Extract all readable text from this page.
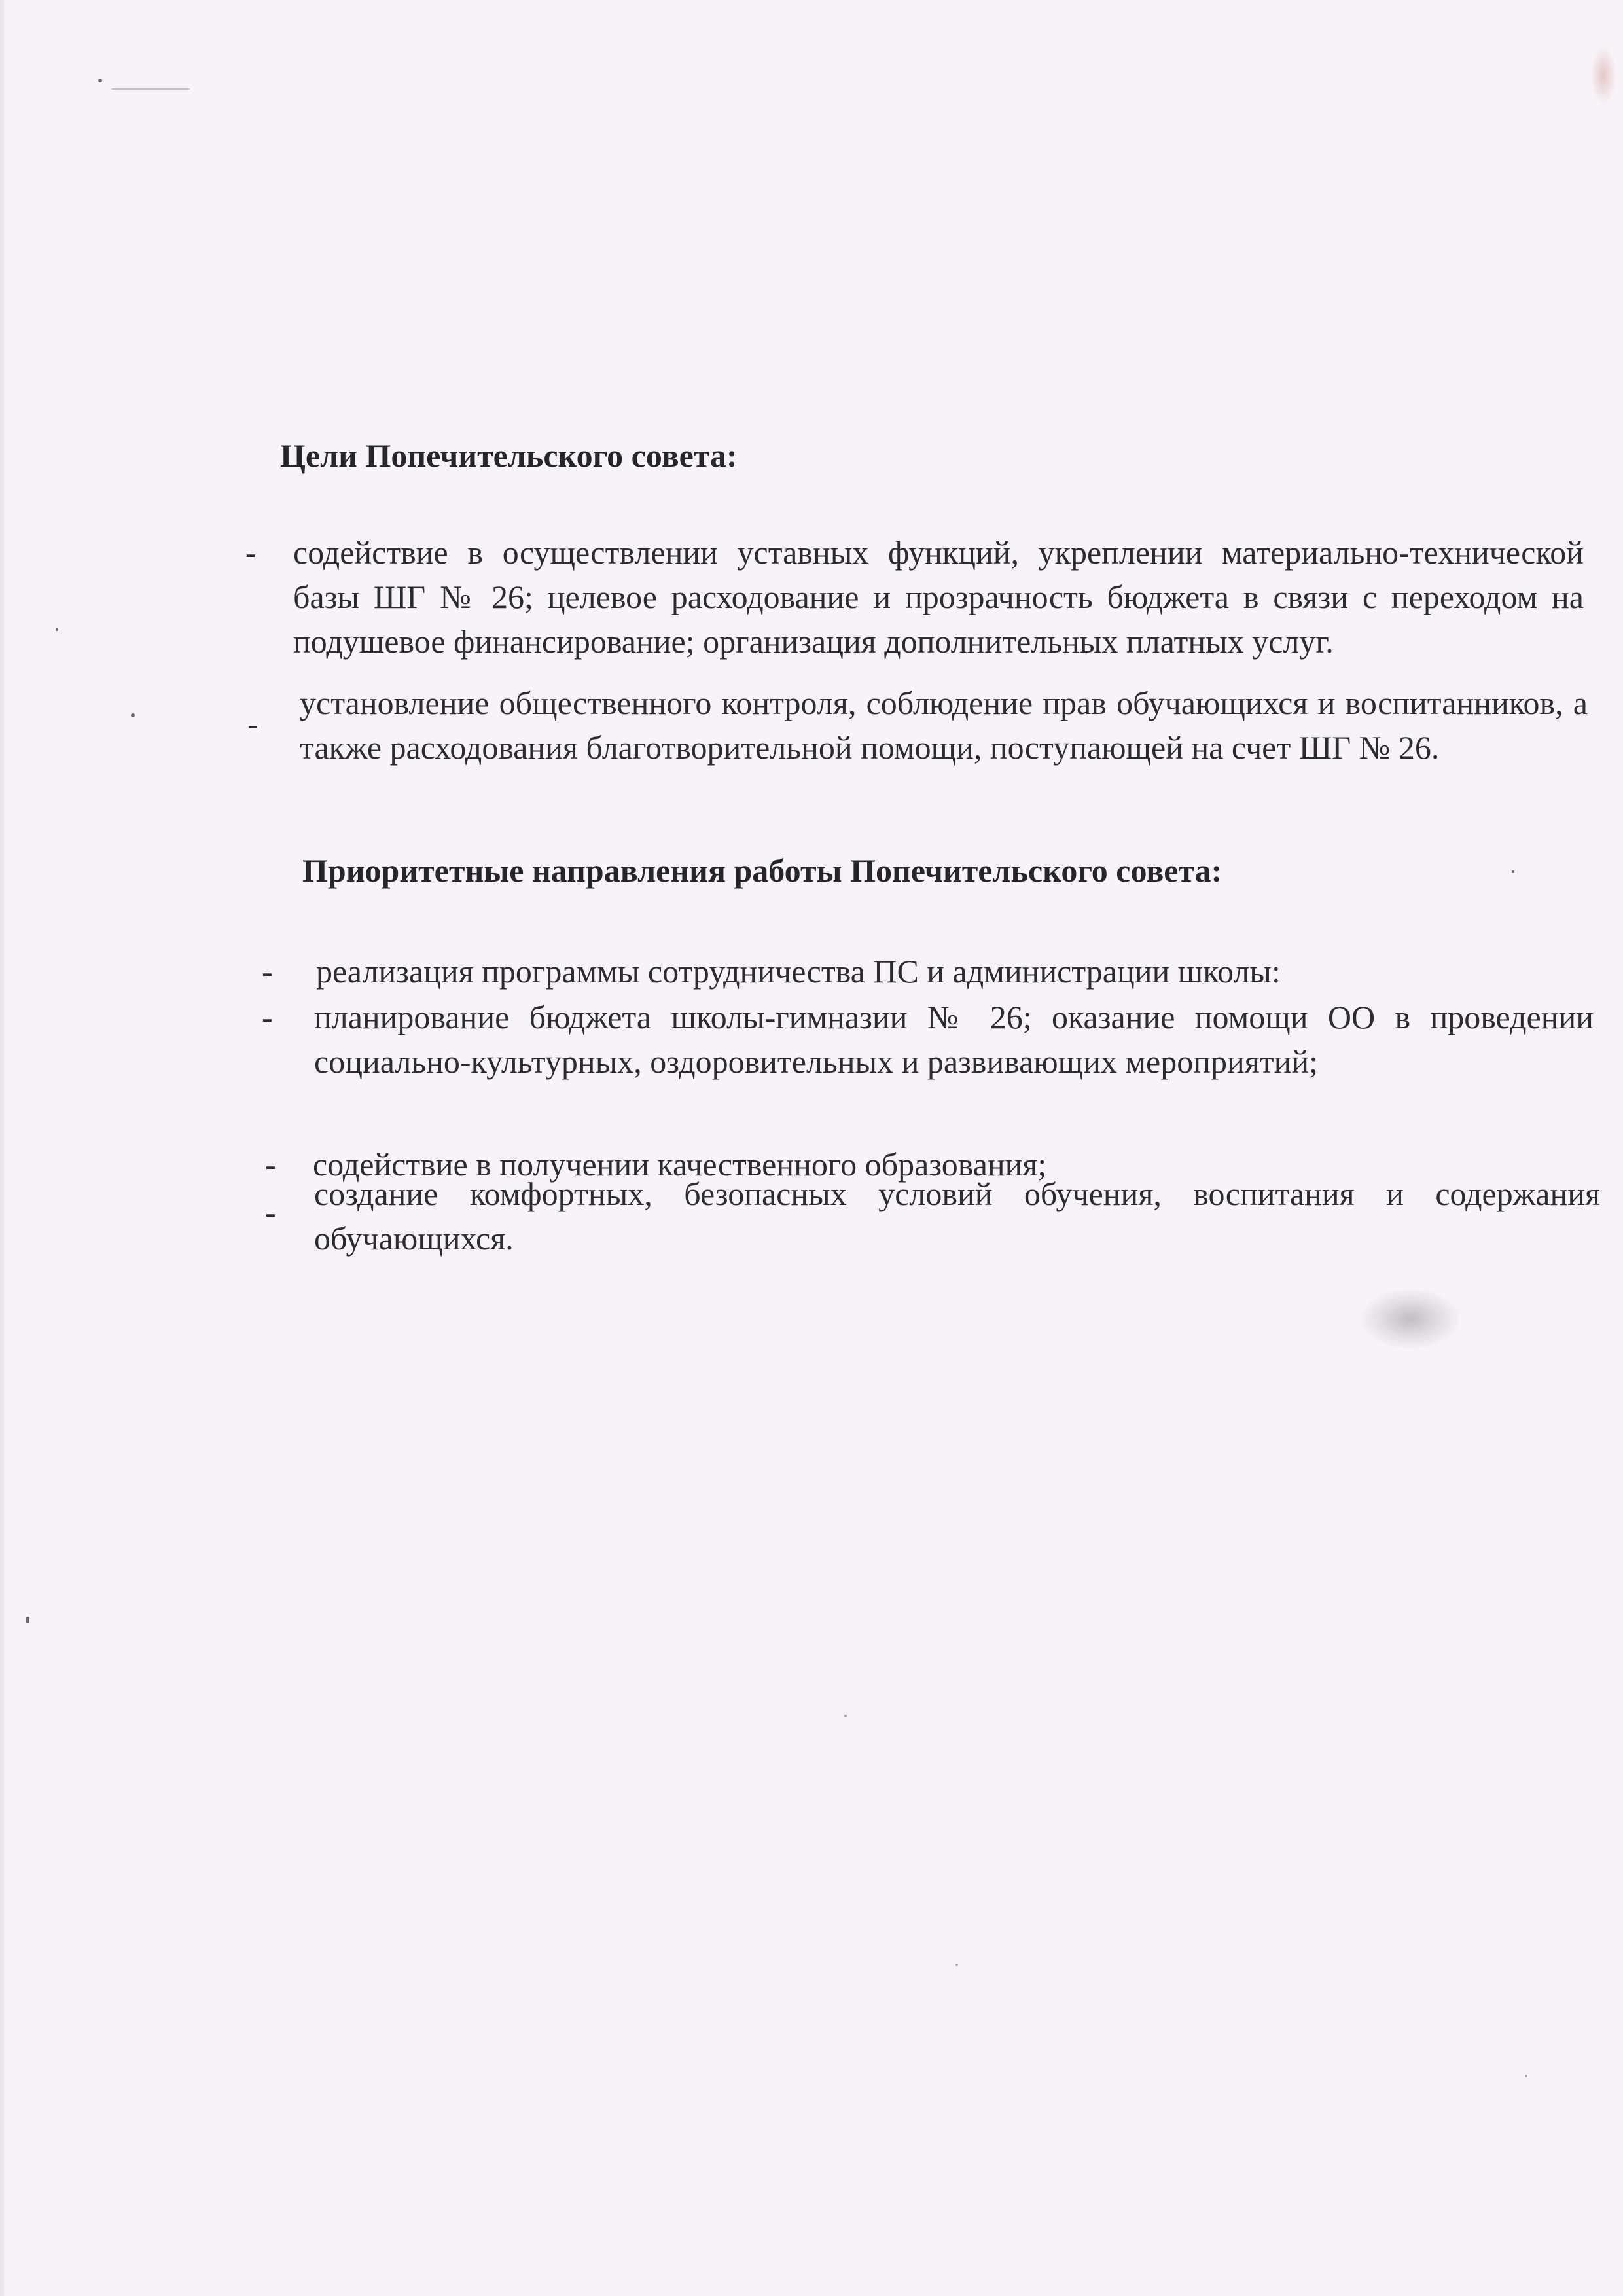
Цели Попечительского совета:
- содействие в осуществлении уставных функций, укреплении материально-технической базы ШГ № 26; целевое расходование и прозрачность бюджета в связи с переходом на подушевое финансирование; организация дополнительных платных услуг.
-
установление общественного контроля, соблюдение прав обучающихся и воспитанников, а также расходования благотворительной помощи, поступающей на счет ШГ № 26.
Приоритетные направления работы Попечительского совета:
- реализация программы сотрудничества ПС и администрации школы:
- планирование бюджета школы-гимназии № 26; оказание помощи ОО в проведении социально-культурных, оздоровительных и развивающих мероприятий;
- содействие в получении качественного образования;
- создание комфортных, безопасных условий обучения, воспитания и содержания обучающихся.
